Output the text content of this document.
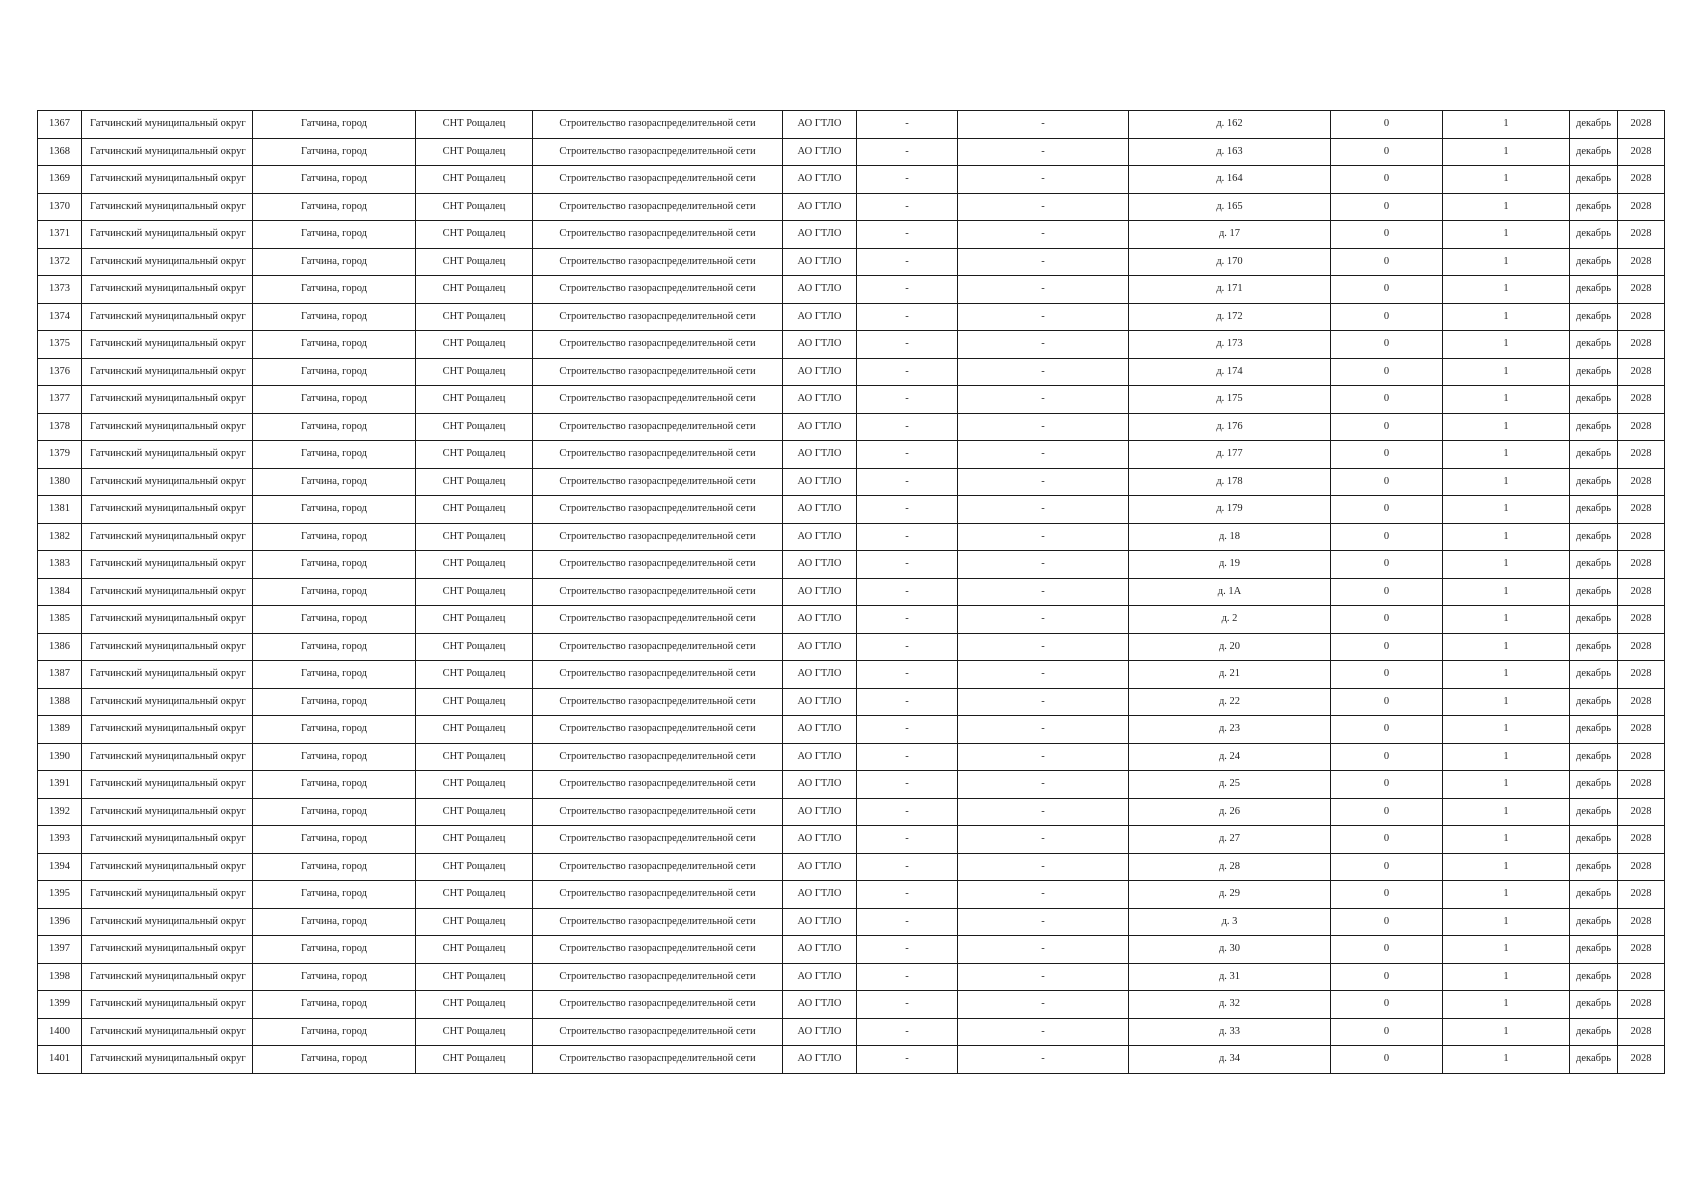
1367	Гатчинский муниципальный округ	Гатчина, город	СНТ Рощалец	Строительство газораспределительной сети	АО ГТЛО	-	-	д. 162	0	1	декабрь	2028
1368	Гатчинский муниципальный округ	Гатчина, город	СНТ Рощалец	Строительство газораспределительной сети	АО ГТЛО	-	-	д. 163	0	1	декабрь	2028
1369	Гатчинский муниципальный округ	Гатчина, город	СНТ Рощалец	Строительство газораспределительной сети	АО ГТЛО	-	-	д. 164	0	1	декабрь	2028
1370	Гатчинский муниципальный округ	Гатчина, город	СНТ Рощалец	Строительство газораспределительной сети	АО ГТЛО	-	-	д. 165	0	1	декабрь	2028
1371	Гатчинский муниципальный округ	Гатчина, город	СНТ Рощалец	Строительство газораспределительной сети	АО ГТЛО	-	-	д. 17	0	1	декабрь	2028
1372	Гатчинский муниципальный округ	Гатчина, город	СНТ Рощалец	Строительство газораспределительной сети	АО ГТЛО	-	-	д. 170	0	1	декабрь	2028
1373	Гатчинский муниципальный округ	Гатчина, город	СНТ Рощалец	Строительство газораспределительной сети	АО ГТЛО	-	-	д. 171	0	1	декабрь	2028
1374	Гатчинский муниципальный округ	Гатчина, город	СНТ Рощалец	Строительство газораспределительной сети	АО ГТЛО	-	-	д. 172	0	1	декабрь	2028
1375	Гатчинский муниципальный округ	Гатчина, город	СНТ Рощалец	Строительство газораспределительной сети	АО ГТЛО	-	-	д. 173	0	1	декабрь	2028
1376	Гатчинский муниципальный округ	Гатчина, город	СНТ Рощалец	Строительство газораспределительной сети	АО ГТЛО	-	-	д. 174	0	1	декабрь	2028
1377	Гатчинский муниципальный округ	Гатчина, город	СНТ Рощалец	Строительство газораспределительной сети	АО ГТЛО	-	-	д. 175	0	1	декабрь	2028
1378	Гатчинский муниципальный округ	Гатчина, город	СНТ Рощалец	Строительство газораспределительной сети	АО ГТЛО	-	-	д. 176	0	1	декабрь	2028
1379	Гатчинский муниципальный округ	Гатчина, город	СНТ Рощалец	Строительство газораспределительной сети	АО ГТЛО	-	-	д. 177	0	1	декабрь	2028
1380	Гатчинский муниципальный округ	Гатчина, город	СНТ Рощалец	Строительство газораспределительной сети	АО ГТЛО	-	-	д. 178	0	1	декабрь	2028
1381	Гатчинский муниципальный округ	Гатчина, город	СНТ Рощалец	Строительство газораспределительной сети	АО ГТЛО	-	-	д. 179	0	1	декабрь	2028
1382	Гатчинский муниципальный округ	Гатчина, город	СНТ Рощалец	Строительство газораспределительной сети	АО ГТЛО	-	-	д. 18	0	1	декабрь	2028
1383	Гатчинский муниципальный округ	Гатчина, город	СНТ Рощалец	Строительство газораспределительной сети	АО ГТЛО	-	-	д. 19	0	1	декабрь	2028
1384	Гатчинский муниципальный округ	Гатчина, город	СНТ Рощалец	Строительство газораспределительной сети	АО ГТЛО	-	-	д. 1А	0	1	декабрь	2028
1385	Гатчинский муниципальный округ	Гатчина, город	СНТ Рощалец	Строительство газораспределительной сети	АО ГТЛО	-	-	д. 2	0	1	декабрь	2028
1386	Гатчинский муниципальный округ	Гатчина, город	СНТ Рощалец	Строительство газораспределительной сети	АО ГТЛО	-	-	д. 20	0	1	декабрь	2028
1387	Гатчинский муниципальный округ	Гатчина, город	СНТ Рощалец	Строительство газораспределительной сети	АО ГТЛО	-	-	д. 21	0	1	декабрь	2028
1388	Гатчинский муниципальный округ	Гатчина, город	СНТ Рощалец	Строительство газораспределительной сети	АО ГТЛО	-	-	д. 22	0	1	декабрь	2028
1389	Гатчинский муниципальный округ	Гатчина, город	СНТ Рощалец	Строительство газораспределительной сети	АО ГТЛО	-	-	д. 23	0	1	декабрь	2028
1390	Гатчинский муниципальный округ	Гатчина, город	СНТ Рощалец	Строительство газораспределительной сети	АО ГТЛО	-	-	д. 24	0	1	декабрь	2028
1391	Гатчинский муниципальный округ	Гатчина, город	СНТ Рощалец	Строительство газораспределительной сети	АО ГТЛО	-	-	д. 25	0	1	декабрь	2028
1392	Гатчинский муниципальный округ	Гатчина, город	СНТ Рощалец	Строительство газораспределительной сети	АО ГТЛО	-	-	д. 26	0	1	декабрь	2028
1393	Гатчинский муниципальный округ	Гатчина, город	СНТ Рощалец	Строительство газораспределительной сети	АО ГТЛО	-	-	д. 27	0	1	декабрь	2028
1394	Гатчинский муниципальный округ	Гатчина, город	СНТ Рощалец	Строительство газораспределительной сети	АО ГТЛО	-	-	д. 28	0	1	декабрь	2028
1395	Гатчинский муниципальный округ	Гатчина, город	СНТ Рощалец	Строительство газораспределительной сети	АО ГТЛО	-	-	д. 29	0	1	декабрь	2028
1396	Гатчинский муниципальный округ	Гатчина, город	СНТ Рощалец	Строительство газораспределительной сети	АО ГТЛО	-	-	д. 3	0	1	декабрь	2028
1397	Гатчинский муниципальный округ	Гатчина, город	СНТ Рощалец	Строительство газораспределительной сети	АО ГТЛО	-	-	д. 30	0	1	декабрь	2028
1398	Гатчинский муниципальный округ	Гатчина, город	СНТ Рощалец	Строительство газораспределительной сети	АО ГТЛО	-	-	д. 31	0	1	декабрь	2028
1399	Гатчинский муниципальный округ	Гатчина, город	СНТ Рощалец	Строительство газораспределительной сети	АО ГТЛО	-	-	д. 32	0	1	декабрь	2028
1400	Гатчинский муниципальный округ	Гатчина, город	СНТ Рощалец	Строительство газораспределительной сети	АО ГТЛО	-	-	д. 33	0	1	декабрь	2028
1401	Гатчинский муниципальный округ	Гатчина, город	СНТ Рощалец	Строительство газораспределительной сети	АО ГТЛО	-	-	д. 34	0	1	декабрь	2028
